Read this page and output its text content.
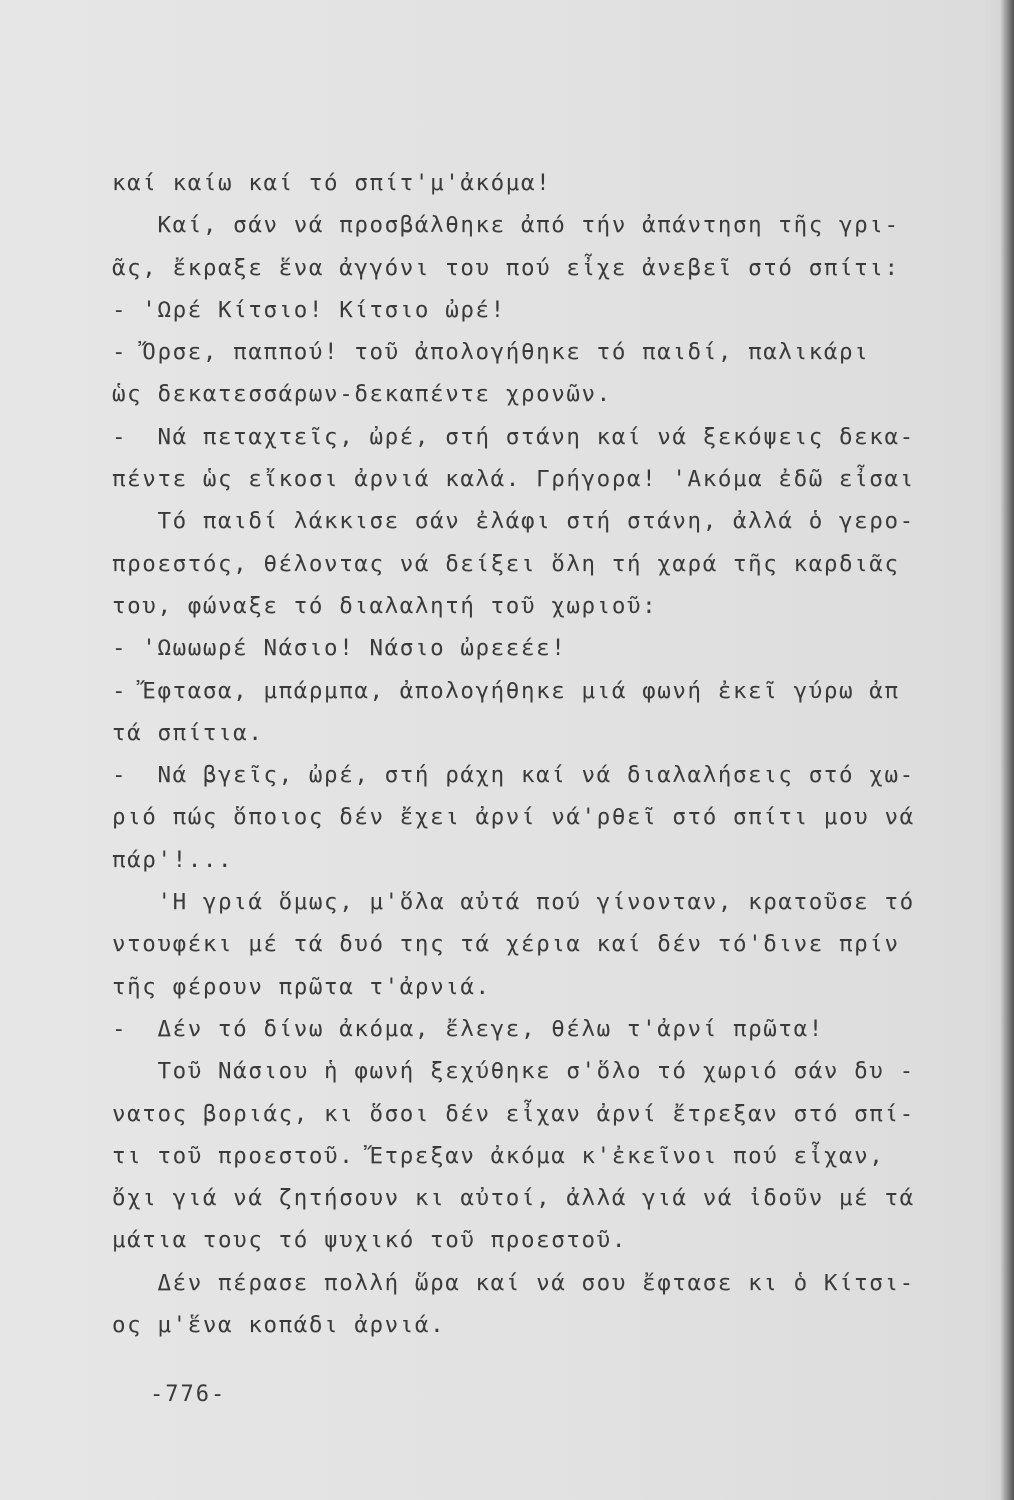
καί καίω καί τό σπίτ'μ'ἀκόμα!
Καί, σάν νά προσβάλθηκε ἀπό τήν ἀπάντηση τῆς γρι-
ᾶς, ἔκραξε ἕνα ἀγγόνι του πού εἶχε ἀνεβεῖ στό σπίτι:
- 'Ωρέ Κίτσιο! Κίτσιο ὠρέ!
- Ὄρσε, παππού! τοῦ ἀπολογήθηκε τό παιδί, παλικάρι
ὡς δεκατεσσάρων-δεκαπέντε χρονῶν.
-  Νά πεταχτεῖς, ὠρέ, στή στάνη καί νά ξεκόψεις δεκα-
πέντε ὡς εἴκοσι ἀρνιά καλά. Γρήγορα! 'Ακόμα ἐδῶ εἶσαι
Τό παιδί λάκκισε σάν ἐλάφι στή στάνη, ἀλλά ὁ γερο-
προεστός, θέλοντας νά δείξει ὅλη τή χαρά τῆς καρδιᾶς
του, φώναξε τό διαλαλητή τοῦ χωριοῦ:
- 'Ωωωωρέ Νάσιο! Νάσιο ὠρεεέε!
- Ἔφτασα, μπάρμπα, ἀπολογήθηκε μιά φωνή ἐκεῖ γύρω ἀπ
τά σπίτια.
-  Νά βγεῖς, ὠρέ, στή ράχη καί νά διαλαλήσεις στό χω-
ριό πώς ὅποιος δέν ἔχει ἀρνί νά'ρθεῖ στό σπίτι μου νά
πάρ'!...
'Η γριά ὅμως, μ'ὅλα αὐτά πού γίνονταν, κρατοῦσε τό
ντουφέκι μέ τά δυό της τά χέρια καί δέν τό'δινε πρίν
τῆς φέρουν πρῶτα τ'ἀρνιά.
-  Δέν τό δίνω ἀκόμα, ἔλεγε, θέλω τ'ἀρνί πρῶτα!
Τοῦ Νάσιου ἡ φωνή ξεχύθηκε σ'ὅλο τό χωριό σάν δυ -
νατος βοριάς, κι ὅσοι δέν εἶχαν ἀρνί ἔτρεξαν στό σπί-
τι τοῦ προεστοῦ. Ἔτρεξαν ἀκόμα κ'ἐκεῖνοι πού εἶχαν,
ὄχι γιά νά ζητήσουν κι αὐτοί, ἀλλά γιά νά ἰδοῦν μέ τά
μάτια τους τό ψυχικό τοῦ προεστοῦ.
Δέν πέρασε πολλή ὥρα καί νά σου ἔφτασε κι ὁ Κίτσι-
ος μ'ἕνα κοπάδι ἀρνιά.
-776-
